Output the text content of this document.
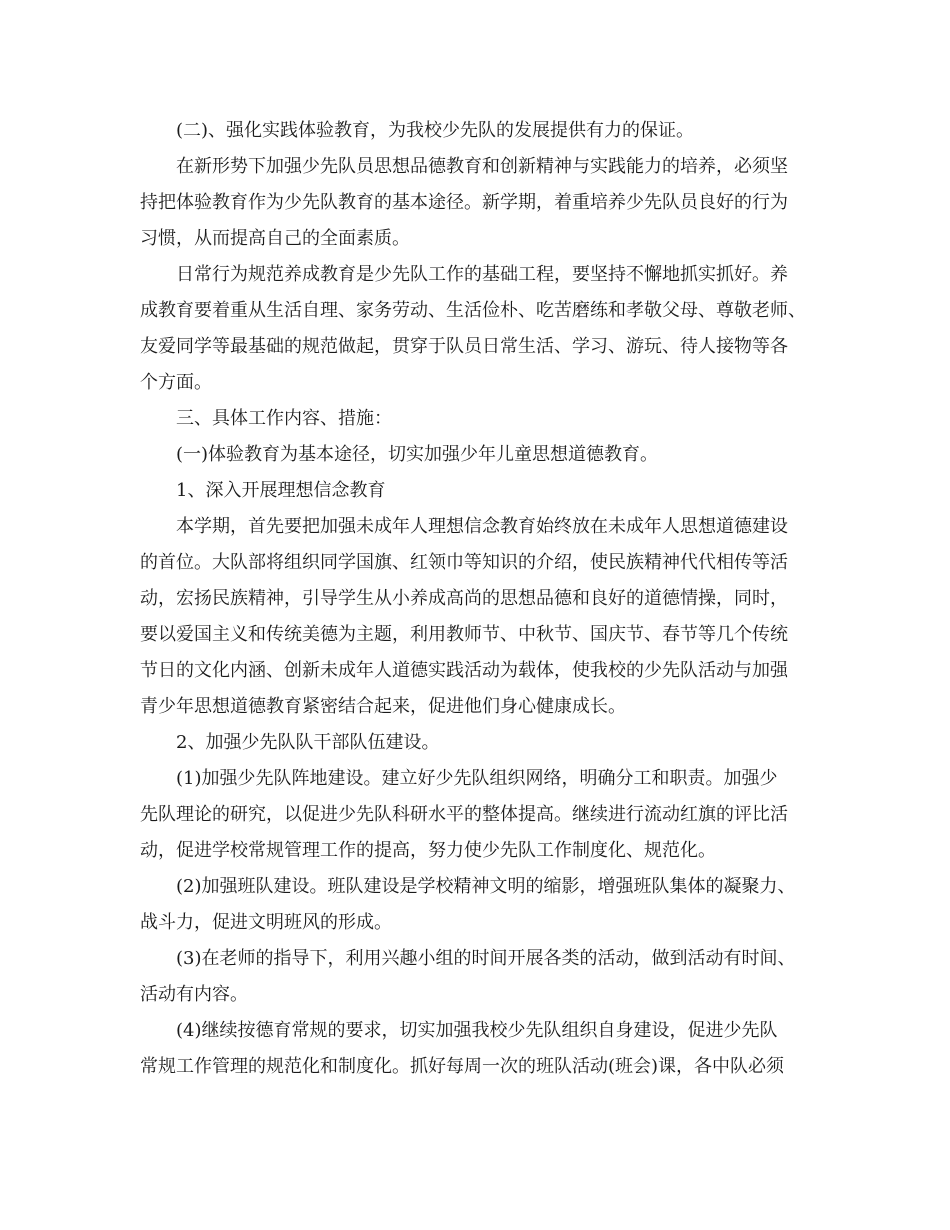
(二)、强化实践体验教育，为我校少先队的发展提供有力的保证。
在新形势下加强少先队员思想品德教育和创新精神与实践能力的培养，必须坚
持把体验教育作为少先队教育的基本途径。新学期，着重培养少先队员良好的行为
习惯，从而提高自己的全面素质。
日常行为规范养成教育是少先队工作的基础工程，要坚持不懈地抓实抓好。养
成教育要着重从生活自理、家务劳动、生活俭朴、吃苦磨练和孝敬父母、尊敬老师、
友爱同学等最基础的规范做起，贯穿于队员日常生活、学习、游玩、待人接物等各
个方面。
三、具体工作内容、措施：
(一)体验教育为基本途径，切实加强少年儿童思想道德教育。
1、深入开展理想信念教育
本学期，首先要把加强未成年人理想信念教育始终放在未成年人思想道德建设
的首位。大队部将组织同学国旗、红领巾等知识的介绍，使民族精神代代相传等活
动，宏扬民族精神，引导学生从小养成高尚的思想品德和良好的道德情操，同时，
要以爱国主义和传统美德为主题，利用教师节、中秋节、国庆节、春节等几个传统
节日的文化内涵、创新未成年人道德实践活动为载体，使我校的少先队活动与加强
青少年思想道德教育紧密结合起来，促进他们身心健康成长。
2、加强少先队队干部队伍建设。
(1)加强少先队阵地建设。建立好少先队组织网络，明确分工和职责。加强少
先队理论的研究，以促进少先队科研水平的整体提高。继续进行流动红旗的评比活
动，促进学校常规管理工作的提高，努力使少先队工作制度化、规范化。
(2)加强班队建设。班队建设是学校精神文明的缩影，增强班队集体的凝聚力、
战斗力，促进文明班风的形成。
(3)在老师的指导下，利用兴趣小组的时间开展各类的活动，做到活动有时间、
活动有内容。
(4)继续按德育常规的要求，切实加强我校少先队组织自身建设，促进少先队
常规工作管理的规范化和制度化。抓好每周一次的班队活动(班会)课，各中队必须
